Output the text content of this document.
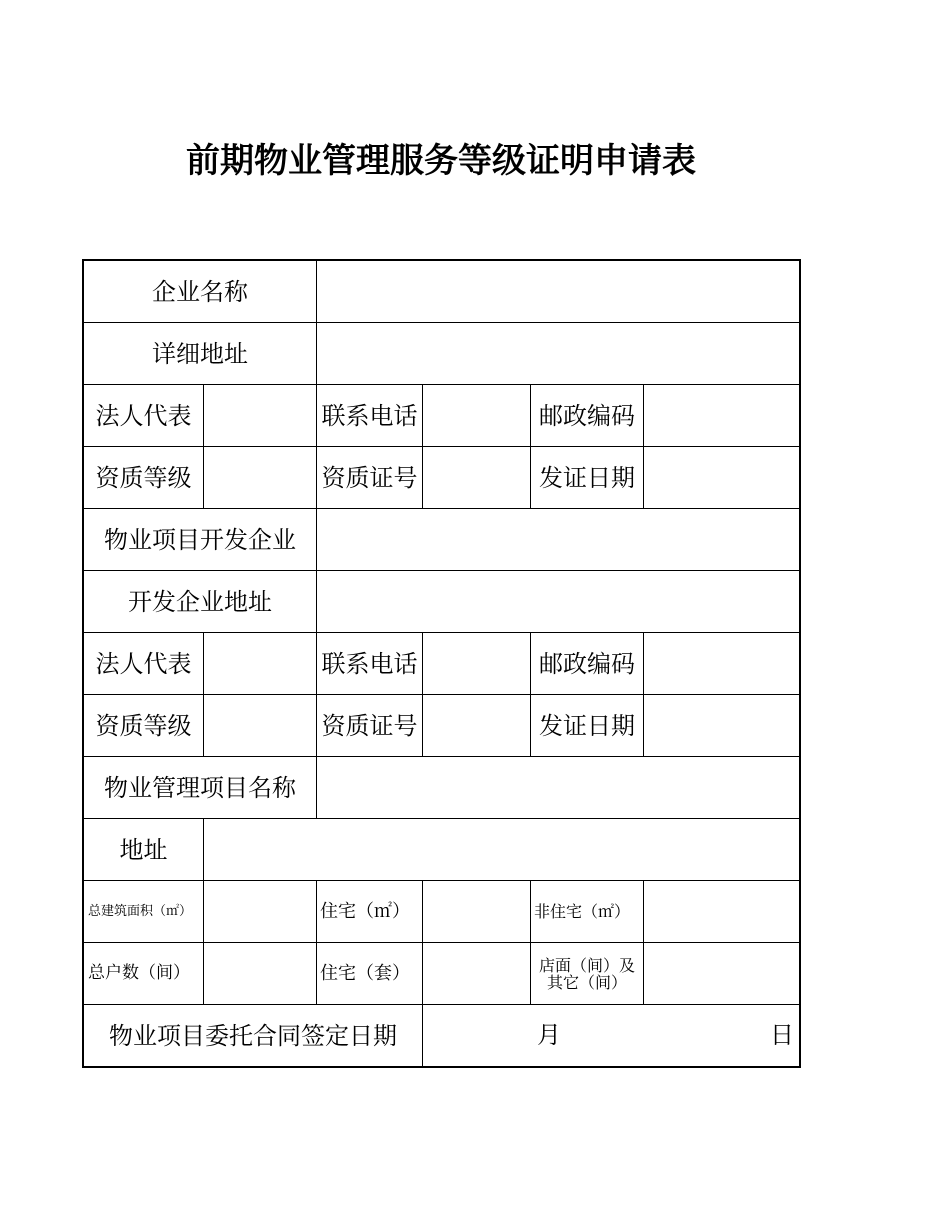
前期物业管理服务等级证明申请表
企业名称
详细地址
法人代表	联系电话	邮政编码
资质等级	资质证号	发证日期
物业项目开发企业
开发企业地址
法人代表	联系电话	邮政编码
资质等级	资质证号	发证日期
物业管理项目名称
地址
总建筑面积（㎡）	住宅（㎡）	非住宅（㎡）
总户数（间）	住宅（套）	店面（间）及
其它（间）
物业项目委托合同签定日期	月	日
